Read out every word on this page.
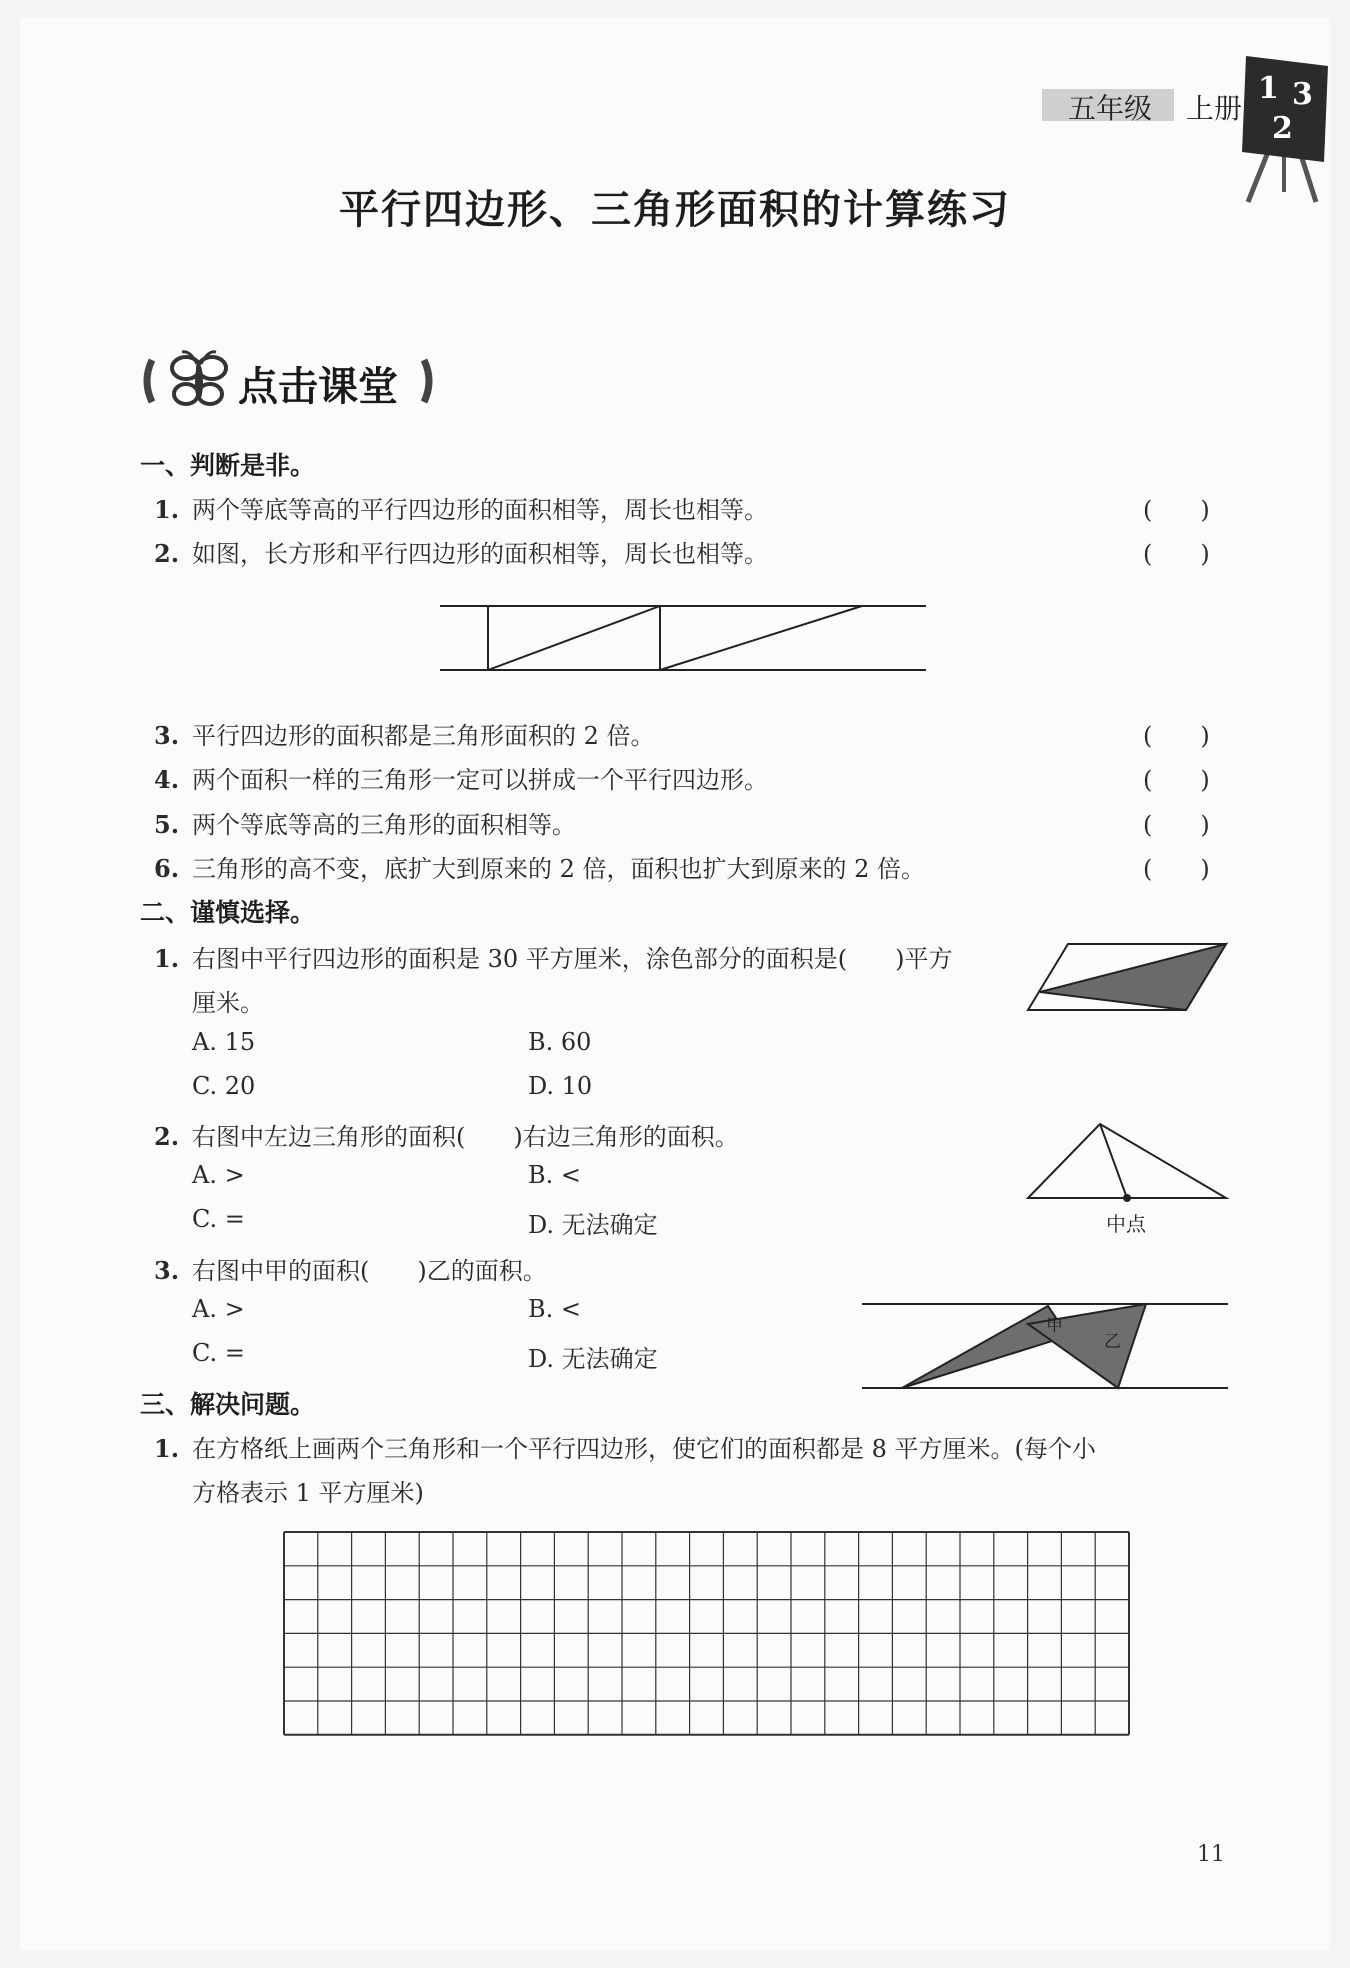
五年级 上册
1 3
2
平行四边形、三角形面积的计算练习
点击课堂
一、判断是非。
1. 两个等底等高的平行四边形的面积相等，周长也相等。	(　　)
2. 如图，长方形和平行四边形的面积相等，周长也相等。	(　　)
3. 平行四边形的面积都是三角形面积的 2 倍。	(　　)
4. 两个面积一样的三角形一定可以拼成一个平行四边形。	(　　)
5. 两个等底等高的三角形的面积相等。	(　　)
6. 三角形的高不变，底扩大到原来的 2 倍，面积也扩大到原来的 2 倍。	(　　)
二、谨慎选择。
1. 右图中平行四边形的面积是 30 平方厘米，涂色部分的面积是(　　)平方
厘米。
A. 15	B. 60
C. 20	D. 10
2. 右图中左边三角形的面积(　　)右边三角形的面积。
A. >	B. <
C. =	D. 无法确定	中点
3. 右图中甲的面积(　　)乙的面积。
A. >	B. <
C. =	D. 无法确定
甲
乙
三、解决问题。
1. 在方格纸上画两个三角形和一个平行四边形，使它们的面积都是 8 平方厘米。(每个小
方格表示 1 平方厘米)
11
